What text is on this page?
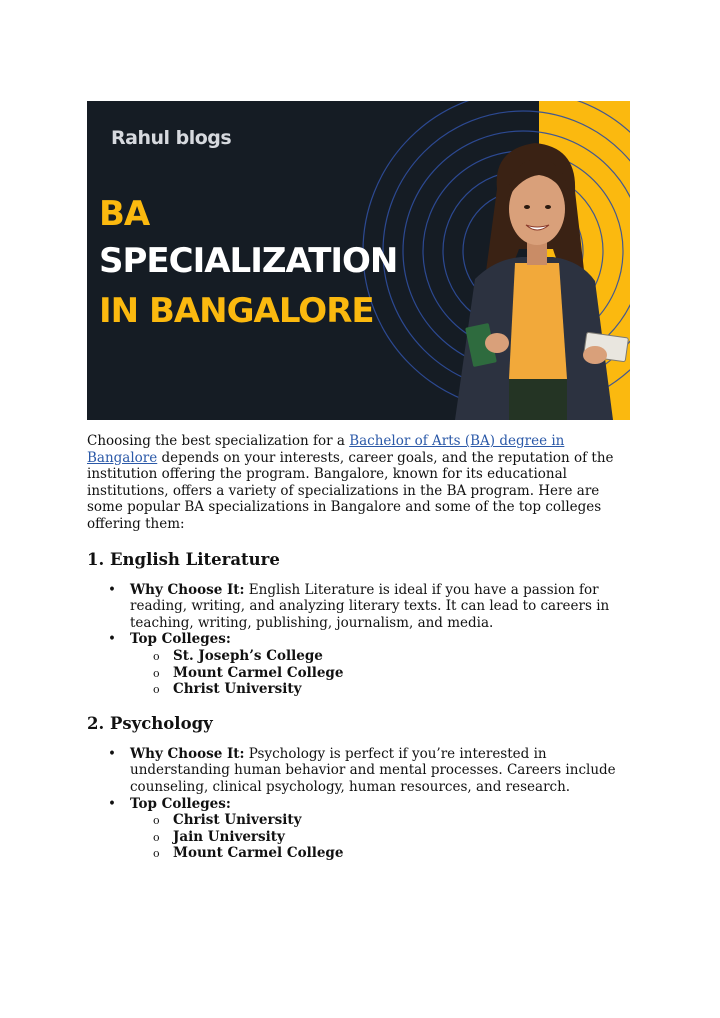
Rahul blogs
BA
SPECIALIZATION
IN BANGALORE

Choosing the best specialization for a Bachelor of Arts (BA) degree in Bangalore depends on your interests, career goals, and the reputation of the institution offering the program. Bangalore, known for its educational institutions, offers a variety of specializations in the BA program. Here are some popular BA specializations in Bangalore and some of the top colleges offering them:

1. English Literature
• Why Choose It: English Literature is ideal if you have a passion for reading, writing, and analyzing literary texts. It can lead to careers in teaching, writing, publishing, journalism, and media.
• Top Colleges:
o St. Joseph’s College
o Mount Carmel College
o Christ University
2. Psychology
• Why Choose It: Psychology is perfect if you’re interested in understanding human behavior and mental processes. Careers include counseling, clinical psychology, human resources, and research.
• Top Colleges:
o Christ University
o Jain University
o Mount Carmel College
